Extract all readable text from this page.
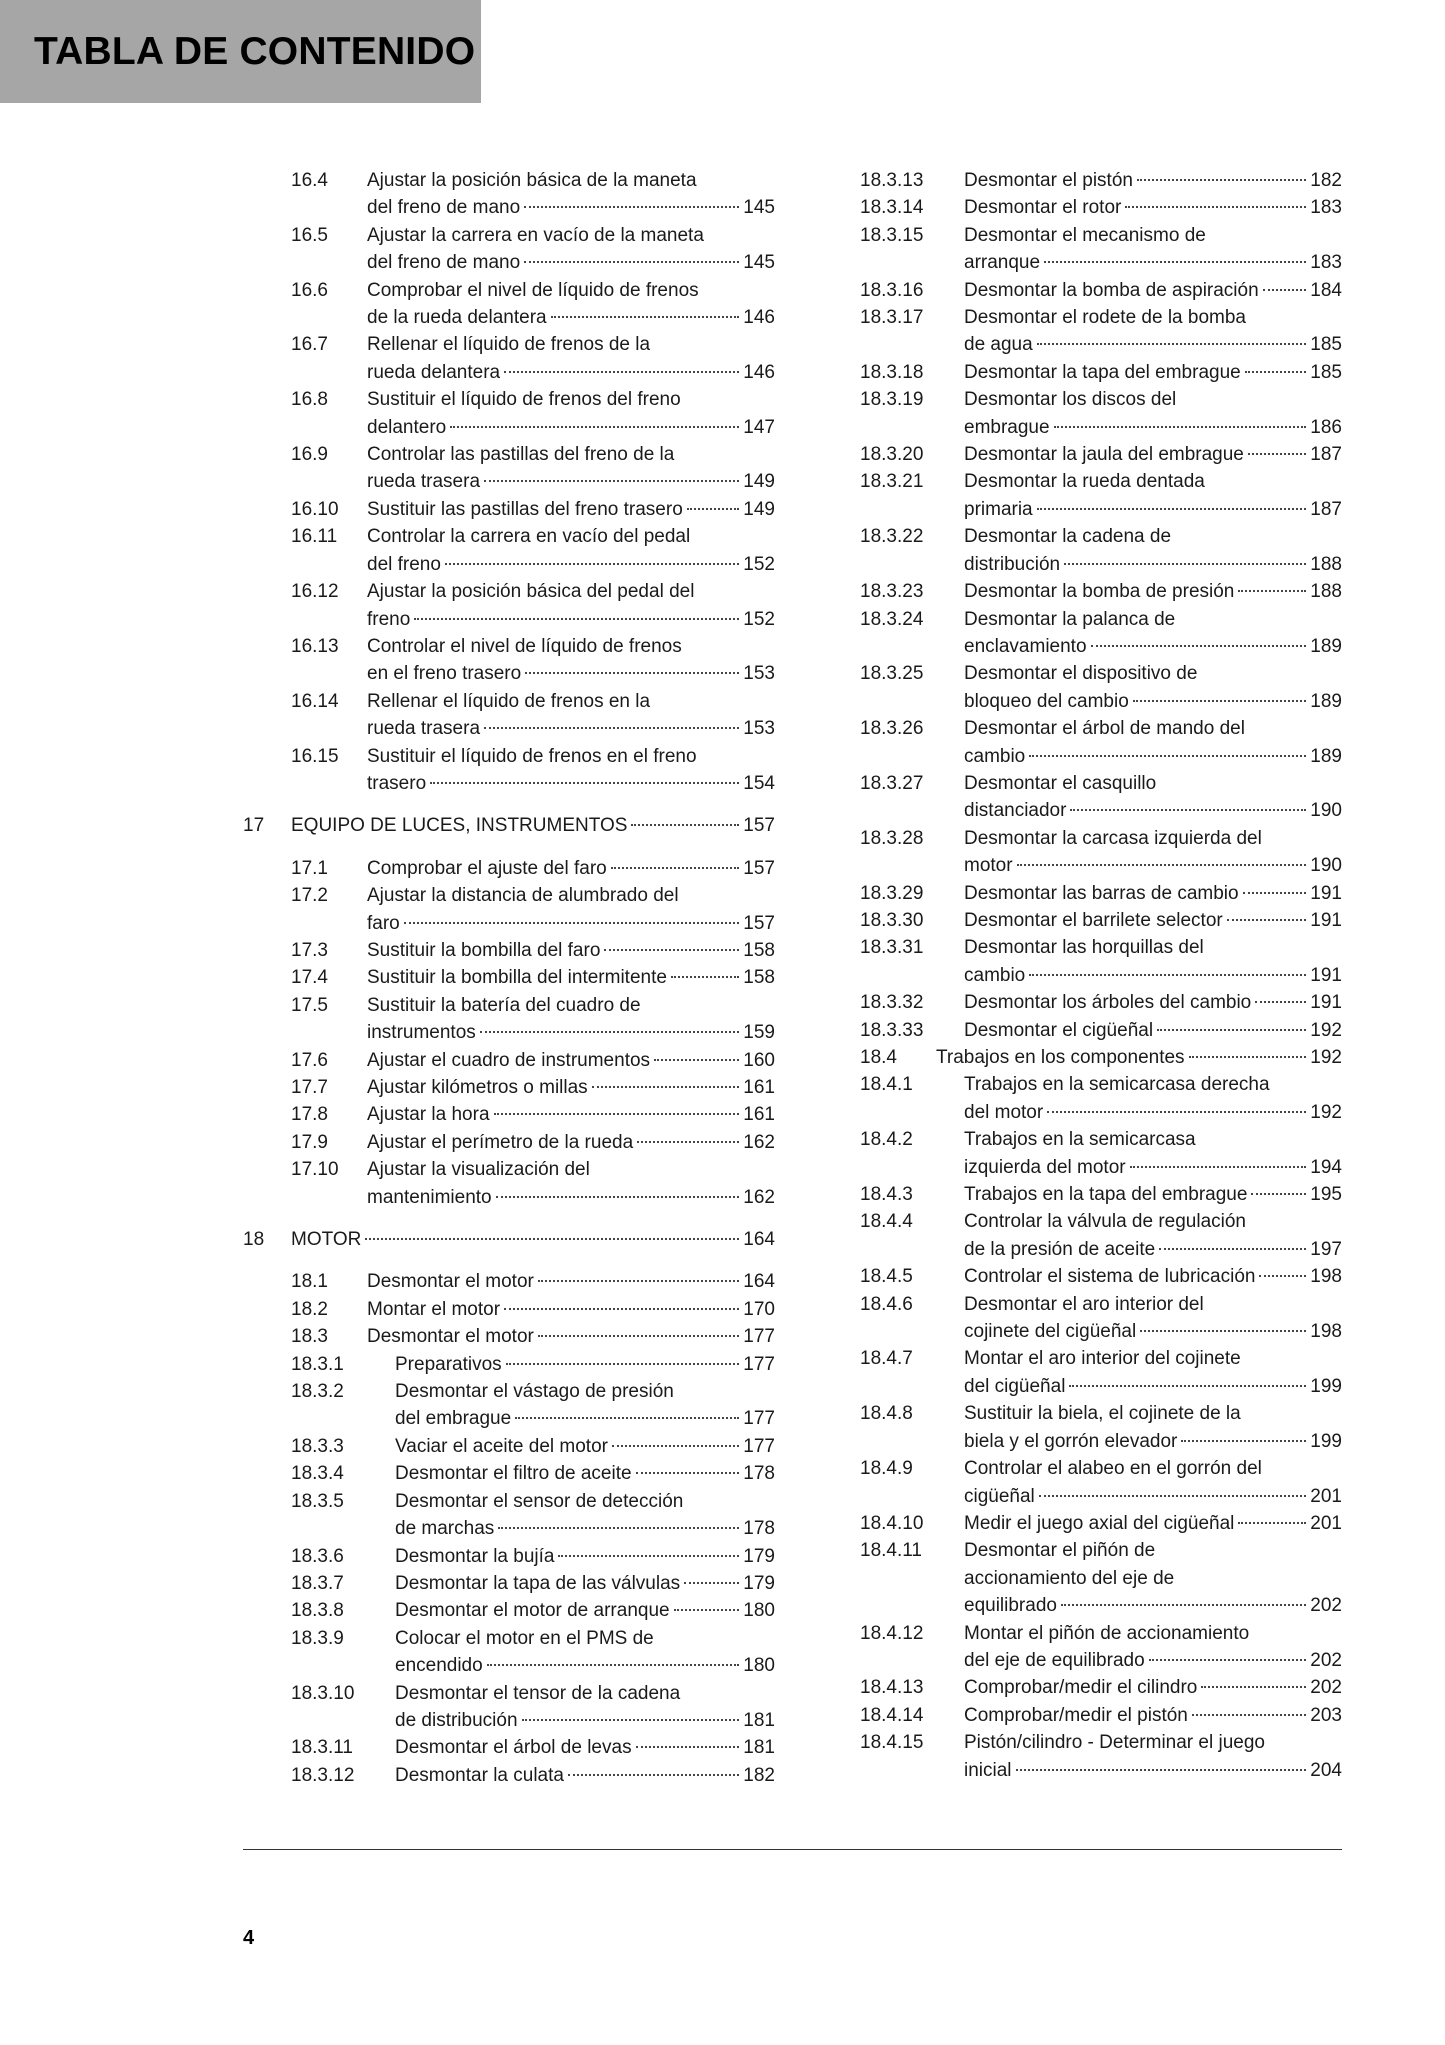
TABLA DE CONTENIDO
16.4 Ajustar la posición básica de la maneta
del freno de mano	145
16.5 Ajustar la carrera en vacío de la maneta
del freno de mano	145
16.6 Comprobar el nivel de líquido de frenos
de la rueda delantera	146
16.7 Rellenar el líquido de frenos de la
rueda delantera	146
16.8 Sustituir el líquido de frenos del freno
delantero	147
16.9 Controlar las pastillas del freno de la
rueda trasera	149
16.10 Sustituir las pastillas del freno trasero	149
16.11 Controlar la carrera en vacío del pedal
del freno	152
16.12 Ajustar la posición básica del pedal del
freno	152
16.13 Controlar el nivel de líquido de frenos
en el freno trasero	153
16.14 Rellenar el líquido de frenos en la
rueda trasera	153
16.15 Sustituir el líquido de frenos en el freno
trasero	154
17 EQUIPO DE LUCES, INSTRUMENTOS	157
17.1 Comprobar el ajuste del faro	157
17.2 Ajustar la distancia de alumbrado del
faro	157
17.3 Sustituir la bombilla del faro	158
17.4 Sustituir la bombilla del intermitente	158
17.5 Sustituir la batería del cuadro de
instrumentos	159
17.6 Ajustar el cuadro de instrumentos	160
17.7 Ajustar kilómetros o millas	161
17.8 Ajustar la hora	161
17.9 Ajustar el perímetro de la rueda	162
17.10 Ajustar la visualización del
mantenimiento	162
18 MOTOR	164
18.1 Desmontar el motor	164
18.2 Montar el motor	170
18.3 Desmontar el motor	177
18.3.1	Preparativos	177
18.3.2	Desmontar el vástago de presión
del embrague	177
18.3.3	Vaciar el aceite del motor	177
18.3.4	Desmontar el filtro de aceite	178
18.3.5	Desmontar el sensor de detección
de marchas	178
18.3.6	Desmontar la bujía	179
18.3.7	Desmontar la tapa de las válvulas	179
18.3.8	Desmontar el motor de arranque	180
18.3.9	Colocar el motor en el PMS de
encendido	180
18.3.10 Desmontar el tensor de la cadena
de distribución	181
18.3.11 Desmontar el árbol de levas	181
18.3.12 Desmontar la culata	182
18.3.13 Desmontar el pistón	182
18.3.14 Desmontar el rotor	183
18.3.15 Desmontar el mecanismo de
arranque	183
18.3.16 Desmontar la bomba de aspiración	184
18.3.17 Desmontar el rodete de la bomba
de agua	185
18.3.18 Desmontar la tapa del embrague	185
18.3.19 Desmontar los discos del
embrague	186
18.3.20 Desmontar la jaula del embrague	187
18.3.21 Desmontar la rueda dentada
primaria	187
18.3.22 Desmontar la cadena de
distribución	188
18.3.23 Desmontar la bomba de presión	188
18.3.24 Desmontar la palanca de
enclavamiento	189
18.3.25 Desmontar el dispositivo de
bloqueo del cambio	189
18.3.26 Desmontar el árbol de mando del
cambio	189
18.3.27 Desmontar el casquillo
distanciador	190
18.3.28 Desmontar la carcasa izquierda del
motor	190
18.3.29 Desmontar las barras de cambio	191
18.3.30 Desmontar el barrilete selector	191
18.3.31 Desmontar las horquillas del
cambio	191
18.3.32 Desmontar los árboles del cambio	191
18.3.33 Desmontar el cigüeñal	192
18.4 Trabajos en los componentes	192
18.4.1	Trabajos en la semicarcasa derecha
del motor	192
18.4.2	Trabajos en la semicarcasa
izquierda del motor	194
18.4.3	Trabajos en la tapa del embrague	195
18.4.4	Controlar la válvula de regulación
de la presión de aceite	197
18.4.5	Controlar el sistema de lubricación	198
18.4.6	Desmontar el aro interior del
cojinete del cigüeñal	198
18.4.7	Montar el aro interior del cojinete
del cigüeñal	199
18.4.8	Sustituir la biela, el cojinete de la
biela y el gorrón elevador	199
18.4.9	Controlar el alabeo en el gorrón del
cigüeñal	201
18.4.10 Medir el juego axial del cigüeñal	201
18.4.11 Desmontar el piñón de
accionamiento del eje de
equilibrado	202
18.4.12 Montar el piñón de accionamiento
del eje de equilibrado	202
18.4.13 Comprobar/medir el cilindro	202
18.4.14 Comprobar/medir el pistón	203
18.4.15 Pistón/cilindro - Determinar el juego
inicial	204
4
